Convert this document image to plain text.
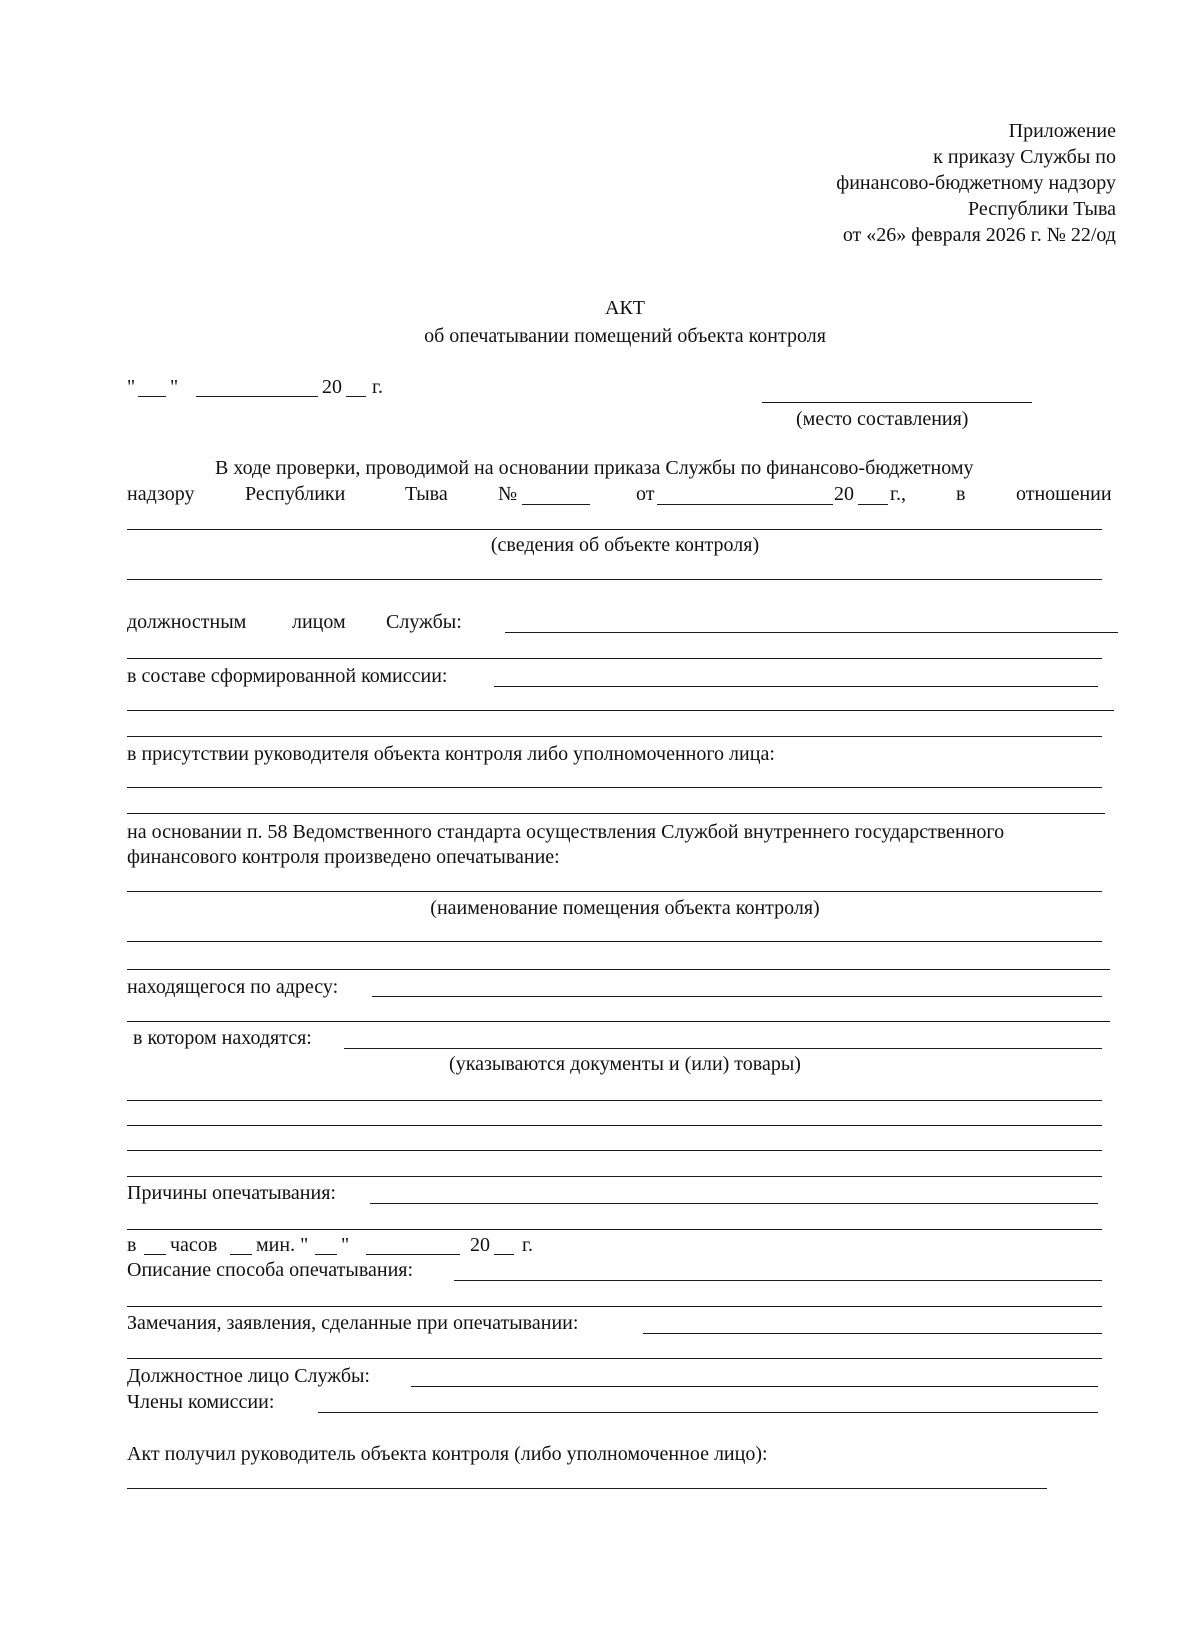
Приложение
к приказу Службы по
финансово-бюджетному надзору
Республики Тыва
от «26» февраля 2026 г. № 22/од
АКТ
об опечатывании помещений объекта контроля
" "	20 г.
(место составления)
В ходе проверки, проводимой на основании приказа Службы по финансово-бюджетному
надзору	Республики	Тыва	№	от	20 г.,	в	отношении
(сведения об объекте контроля)
должностным лицом Службы:
в составе сформированной комиссии:
в присутствии руководителя объекта контроля либо уполномоченного лица:
на основании п. 58 Ведомственного стандарта осуществления Службой внутреннего государственного
финансового контроля произведено опечатывание:
(наименование помещения объекта контроля)
находящегося по адресу:
в котором находятся:
(указываются документы и (или) товары)
Причины опечатывания:
в часов мин. " "	20 г.
Описание способа опечатывания:
Замечания, заявления, сделанные при опечатывании:
Должностное лицо Службы:
Члены комиссии:
Акт получил руководитель объекта контроля (либо уполномоченное лицо):
